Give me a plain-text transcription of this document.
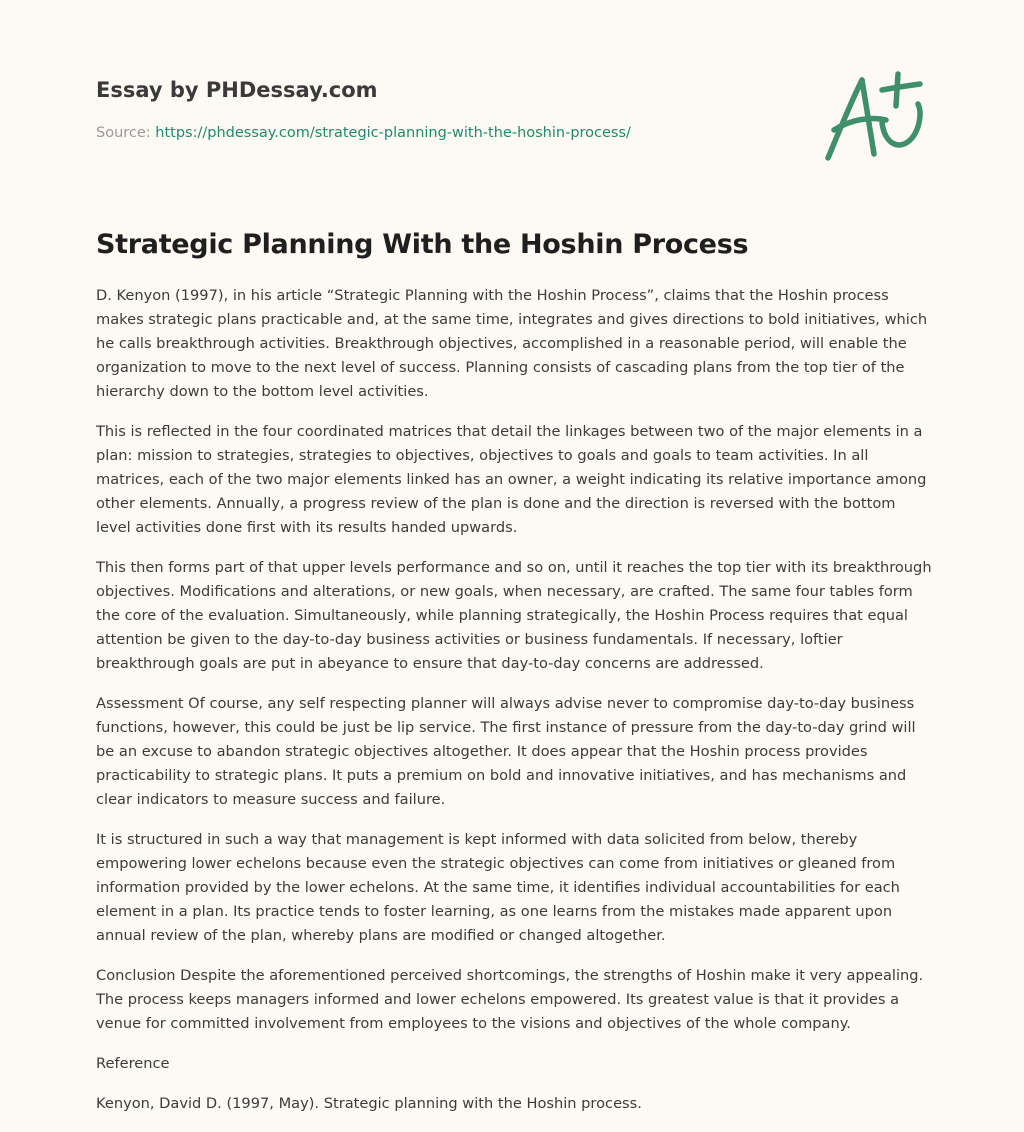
Essay by PHDessay.com
Source: https://phdessay.com/strategic-planning-with-the-hoshin-process/
Strategic Planning With the Hoshin Process

D. Kenyon (1997), in his article “Strategic Planning with the Hoshin Process”, claims that the Hoshin process makes strategic plans practicable and, at the same time, integrates and gives directions to bold initiatives, which he calls breakthrough activities. Breakthrough objectives, accomplished in a reasonable period, will enable the organization to move to the next level of success. Planning consists of cascading plans from the top tier of the hierarchy down to the bottom level activities.

This is reflected in the four coordinated matrices that detail the linkages between two of the major elements in a plan: mission to strategies, strategies to objectives, objectives to goals and goals to team activities. In all matrices, each of the two major elements linked has an owner, a weight indicating its relative importance among other elements. Annually, a progress review of the plan is done and the direction is reversed with the bottom level activities done first with its results handed upwards.

This then forms part of that upper levels performance and so on, until it reaches the top tier with its breakthrough objectives. Modifications and alterations, or new goals, when necessary, are crafted. The same four tables form the core of the evaluation. Simultaneously, while planning strategically, the Hoshin Process requires that equal attention be given to the day-to-day business activities or business fundamentals. If necessary, loftier breakthrough goals are put in abeyance to ensure that day-to-day concerns are addressed.

Assessment Of course, any self respecting planner will always advise never to compromise day-to-day business functions, however, this could be just be lip service. The first instance of pressure from the day-to-day grind will be an excuse to abandon strategic objectives altogether. It does appear that the Hoshin process provides practicability to strategic plans. It puts a premium on bold and innovative initiatives, and has mechanisms and clear indicators to measure success and failure.

It is structured in such a way that management is kept informed with data solicited from below, thereby empowering lower echelons because even the strategic objectives can come from initiatives or gleaned from information provided by the lower echelons. At the same time, it identifies individual accountabilities for each element in a plan. Its practice tends to foster learning, as one learns from the mistakes made apparent upon annual review of the plan, whereby plans are modified or changed altogether.

Conclusion Despite the aforementioned perceived shortcomings, the strengths of Hoshin make it very appealing. The process keeps managers informed and lower echelons empowered. Its greatest value is that it provides a venue for committed involvement from employees to the visions and objectives of the whole company.

Reference

Kenyon, David D. (1997, May). Strategic planning with the Hoshin process.
